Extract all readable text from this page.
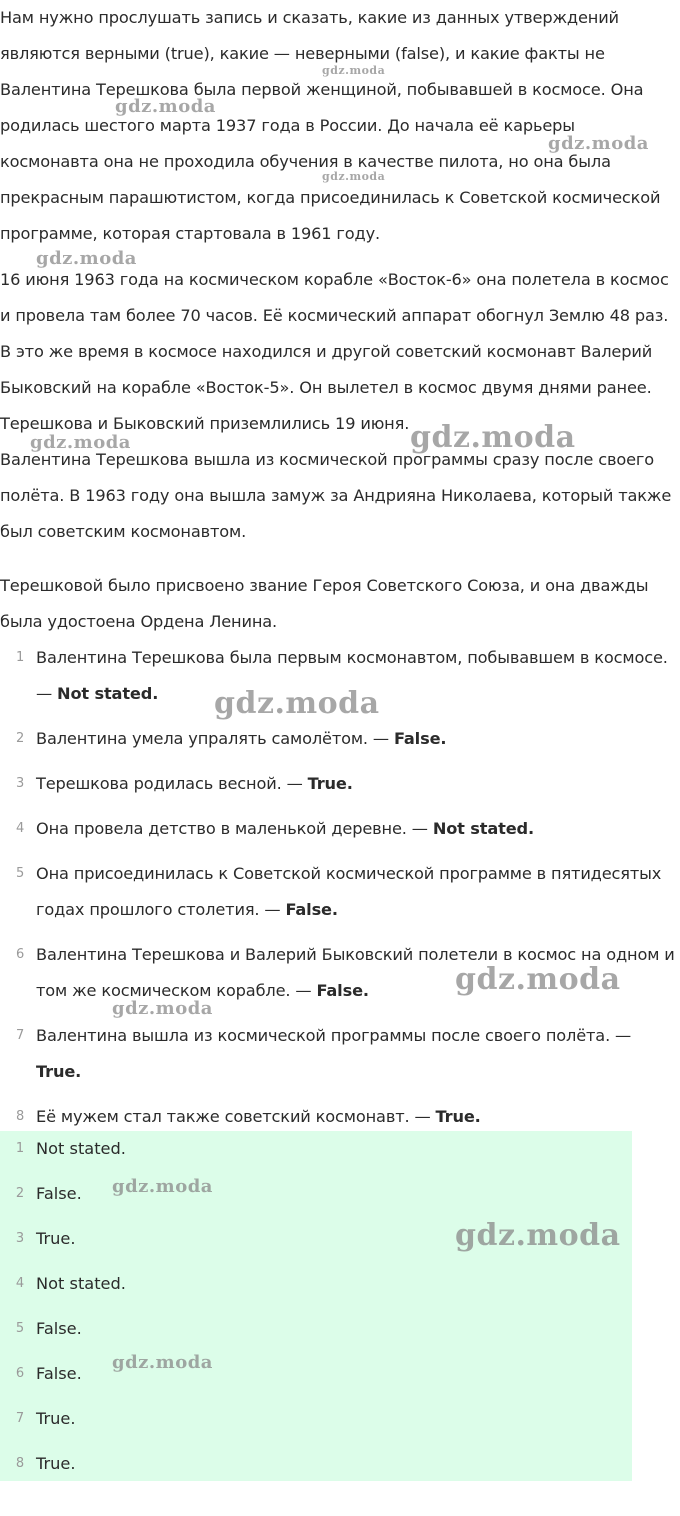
Нам нужно прослушать запись и сказать, какие из данных утверждений являются верными (true), какие — неверными (false), и какие факты не Валентина Терешкова была первой женщиной, побывавшей в космосе. Она родилась шестого марта 1937 года в России. До начала её карьеры космонавта она не проходила обучения в качестве пилота, но она была прекрасным парашютистом, когда присоединилась к Советской космической программе, которая стартовала в 1961 году.

16 июня 1963 года на космическом корабле «Восток-6» она полетела в космос и провела там более 70 часов. Её космический аппарат обогнул Землю 48 раз. В это же время в космосе находился и другой советский космонавт Валерий Быковский на корабле «Восток-5». Он вылетел в космос двумя днями ранее. Терешкова и Быковский приземлились 19 июня.

Валентина Терешкова вышла из космической программы сразу после своего полёта. В 1963 году она вышла замуж за Андрияна Николаева, который также был советским космонавтом.

Терешковой было присвоено звание Героя Советского Союза, и она дважды была удостоена Ордена Ленина.

1 Валентина Терешкова была первым космонавтом, побывавшем в космосе. — Not stated.
2 Валентина умела упралять самолётом. — False.
3 Терешкова родилась весной. — True.
4 Она провела детство в маленькой деревне. — Not stated.
5 Она присоединилась к Советской космической программе в пятидесятых годах прошлого столетия. — False.
6 Валентина Терешкова и Валерий Быковский полетели в космос на одном и том же космическом корабле. — False.
7 Валентина вышла из космической программы после своего полёта. — True.
8 Её мужем стал также советский космонавт. — True.
1 Not stated.
2 False.
3 True.
4 Not stated.
5 False.
6 False.
7 True.
8 True.
gdz.moda
gdz.moda
gdz.moda
gdz.moda
gdz.moda
gdz.moda	gdz.moda
gdz.moda
gdz.moda
gdz.moda
gdz.moda
gdz.moda
gdz.moda
